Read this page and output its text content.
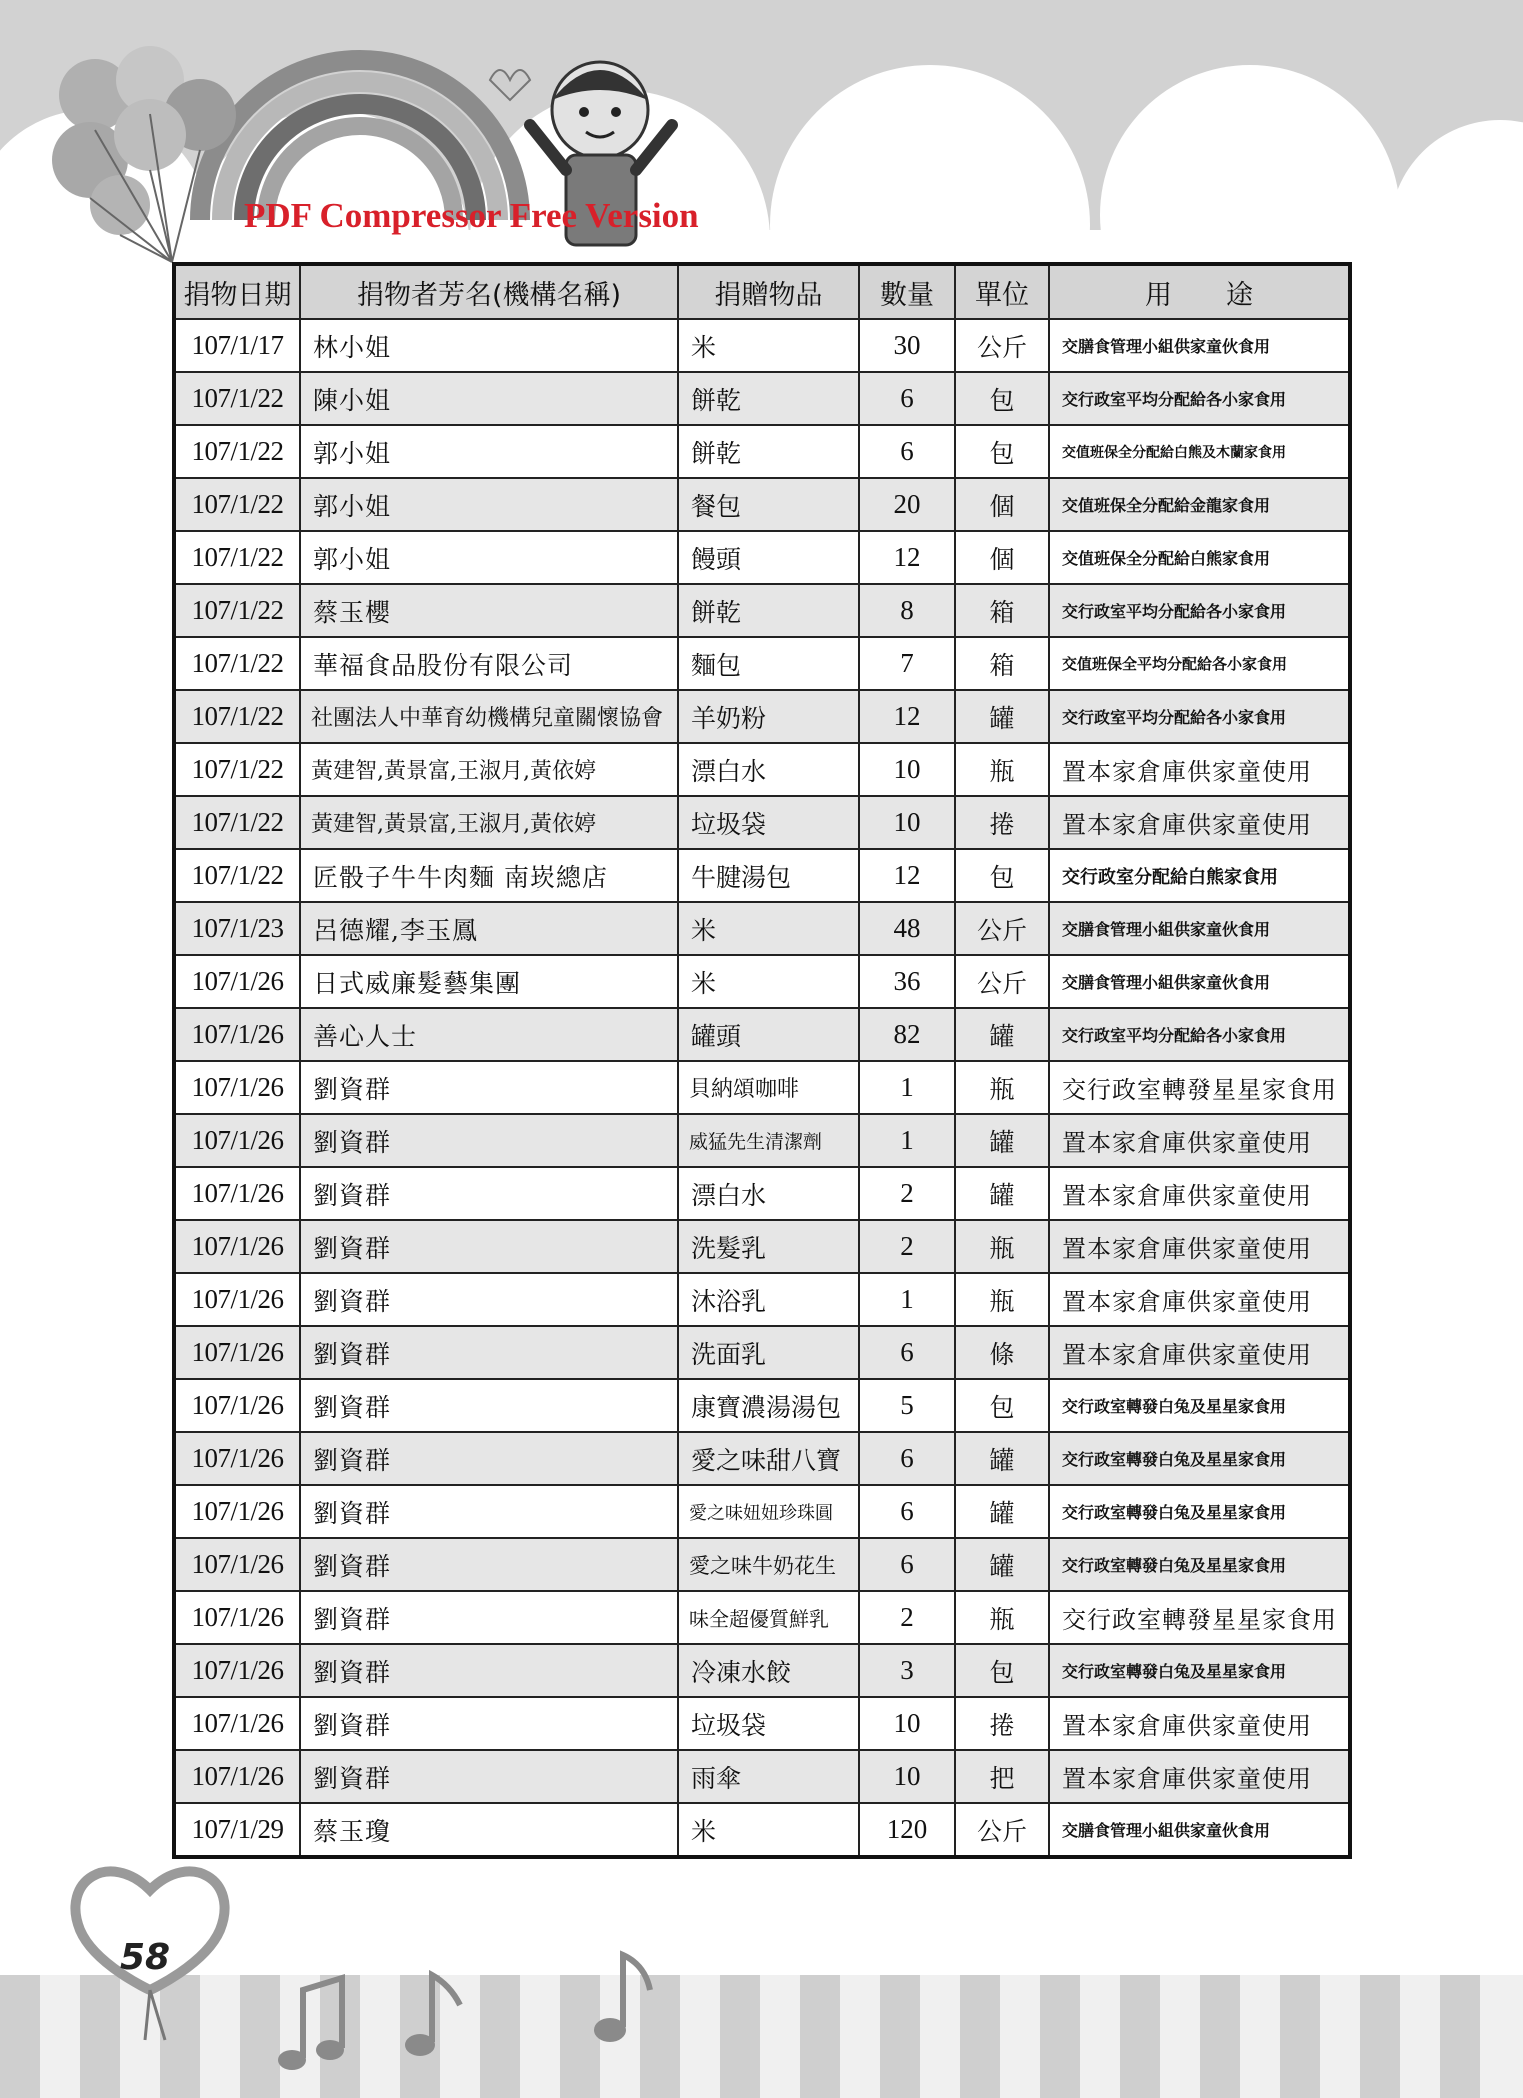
PDF Compressor Free Version
捐物日期	捐物者芳名(機構名稱)	捐贈物品	數量	單位	用　　途
107/1/17	林小姐	米	30	公斤	交膳食管理小組供家童伙食用
107/1/22	陳小姐	餅乾	6	包	交行政室平均分配給各小家食用
107/1/22	郭小姐	餅乾	6	包	交值班保全分配給白熊及木蘭家食用
107/1/22	郭小姐	餐包	20	個	交值班保全分配給金龍家食用
107/1/22	郭小姐	饅頭	12	個	交值班保全分配給白熊家食用
107/1/22	蔡玉櫻	餅乾	8	箱	交行政室平均分配給各小家食用
107/1/22	華福食品股份有限公司	麵包	7	箱	交值班保全平均分配給各小家食用
107/1/22	社團法人中華育幼機構兒童關懷協會	羊奶粉	12	罐	交行政室平均分配給各小家食用
107/1/22	黃建智,黃景富,王淑月,黃依婷	漂白水	10	瓶	置本家倉庫供家童使用
107/1/22	黃建智,黃景富,王淑月,黃依婷	垃圾袋	10	捲	置本家倉庫供家童使用
107/1/22	匠骰子牛牛肉麵 南崁總店	牛腱湯包	12	包	交行政室分配給白熊家食用
107/1/23	呂德耀,李玉鳳	米	48	公斤	交膳食管理小組供家童伙食用
107/1/26	日式威廉髮藝集團	米	36	公斤	交膳食管理小組供家童伙食用
107/1/26	善心人士	罐頭	82	罐	交行政室平均分配給各小家食用
107/1/26	劉資群	貝納頌咖啡	1	瓶	交行政室轉發星星家食用
107/1/26	劉資群	威猛先生清潔劑	1	罐	置本家倉庫供家童使用
107/1/26	劉資群	漂白水	2	罐	置本家倉庫供家童使用
107/1/26	劉資群	洗髮乳	2	瓶	置本家倉庫供家童使用
107/1/26	劉資群	沐浴乳	1	瓶	置本家倉庫供家童使用
107/1/26	劉資群	洗面乳	6	條	置本家倉庫供家童使用
107/1/26	劉資群	康寶濃湯湯包	5	包	交行政室轉發白兔及星星家食用
107/1/26	劉資群	愛之味甜八寶	6	罐	交行政室轉發白兔及星星家食用
107/1/26	劉資群	愛之味妞妞珍珠圓	6	罐	交行政室轉發白兔及星星家食用
107/1/26	劉資群	愛之味牛奶花生	6	罐	交行政室轉發白兔及星星家食用
107/1/26	劉資群	味全超優質鮮乳	2	瓶	交行政室轉發星星家食用
107/1/26	劉資群	冷凍水餃	3	包	交行政室轉發白兔及星星家食用
107/1/26	劉資群	垃圾袋	10	捲	置本家倉庫供家童使用
107/1/26	劉資群	雨傘	10	把	置本家倉庫供家童使用
107/1/29	蔡玉瓊	米	120	公斤	交膳食管理小組供家童伙食用
58
